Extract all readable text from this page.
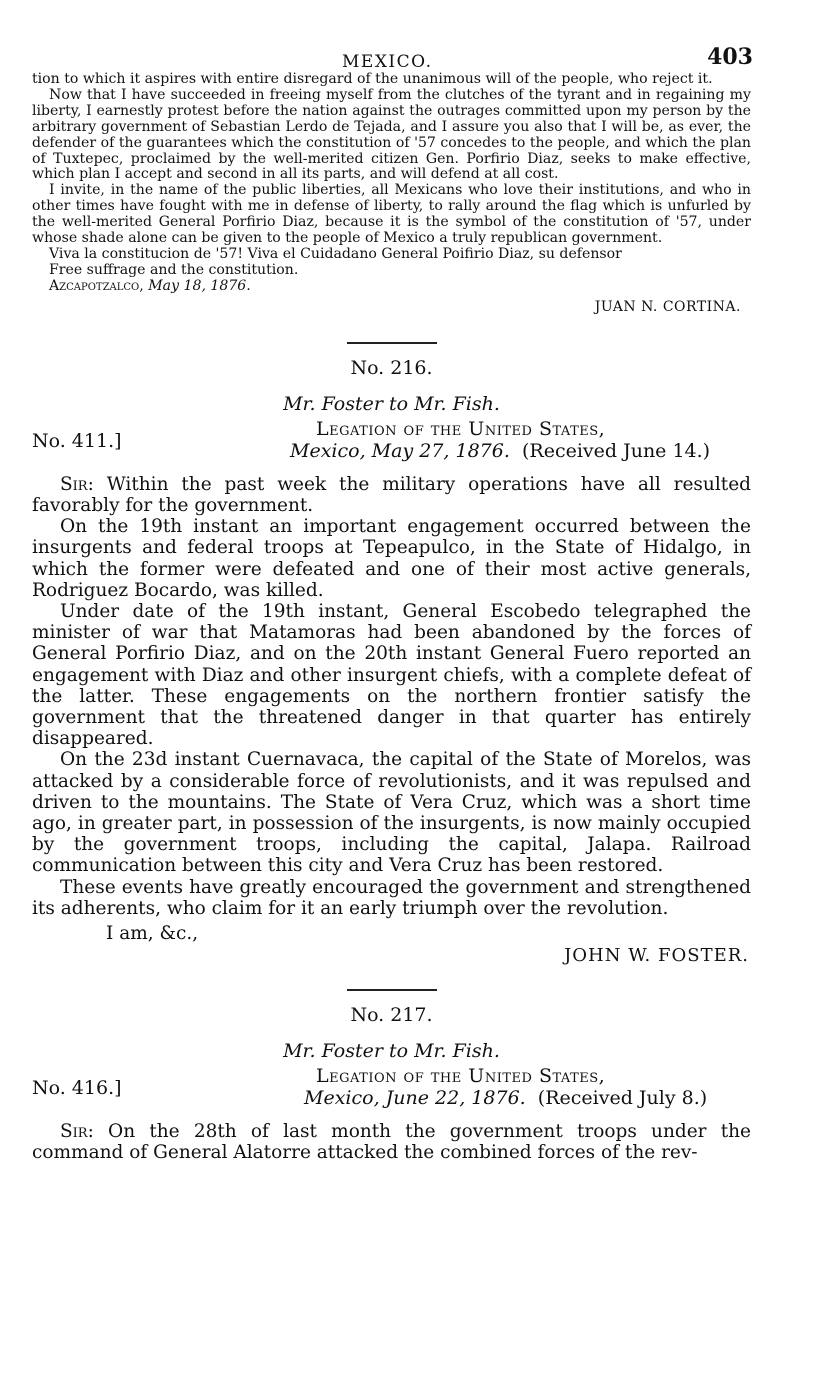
MEXICO.	403

tion to which it aspires with entire disregard of the unanimous will of the people, who reject it.

Now that I have succeeded in freeing myself from the clutches of the tyrant and in regaining my liberty, I earnestly protest before the nation against the outrages committed upon my person by the arbitrary government of Sebastian Lerdo de Tejada, and I assure you also that I will be, as ever, the defender of the guarantees which the constitution of '57 concedes to the people, and which the plan of Tuxtepec, proclaimed by the well-merited citizen Gen. Porfirio Diaz, seeks to make effective, which plan I accept and second in all its parts, and will defend at all cost.

I invite, in the name of the public liberties, all Mexicans who love their institutions, and who in other times have fought with me in defense of liberty, to rally around the flag which is unfurled by the well-merited General Porfirio Diaz, because it is the symbol of the constitution of '57, under whose shade alone can be given to the people of Mexico a truly republican government.

Viva la constitucion de '57! Viva el Cuidadano General Poifirio Diaz, su defensor

Free suffrage and the constitution.

Azcapotzalco, May 18, 1876.

JUAN N. CORTINA.
No. 216.
Mr. Foster to Mr. Fish.
No. 411.]
Legation of the United States,
Mexico, May 27, 1876. (Received June 14.)

Sir: Within the past week the military operations have all resulted favorably for the government.

On the 19th instant an important engagement occurred between the insurgents and federal troops at Tepeapulco, in the State of Hidalgo, in which the former were defeated and one of their most active generals, Rodriguez Bocardo, was killed.

Under date of the 19th instant, General Escobedo telegraphed the minister of war that Matamoras had been abandoned by the forces of General Porfirio Diaz, and on the 20th instant General Fuero reported an engagement with Diaz and other insurgent chiefs, with a complete defeat of the latter. These engagements on the northern frontier satisfy the government that the threatened danger in that quarter has entirely disappeared.

On the 23d instant Cuernavaca, the capital of the State of Morelos, was attacked by a considerable force of revolutionists, and it was repulsed and driven to the mountains. The State of Vera Cruz, which was a short time ago, in greater part, in possession of the insurgents, is now mainly occupied by the government troops, including the capital, Jalapa. Railroad communication between this city and Vera Cruz has been restored.

These events have greatly encouraged the government and strengthened its adherents, who claim for it an early triumph over the revolution.

I am, &c.,
JOHN W. FOSTER.
No. 217.
Mr. Foster to Mr. Fish.
No. 416.]
Legation of the United States,
Mexico, June 22, 1876. (Received July 8.)

Sir: On the 28th of last month the government troops under the command of General Alatorre attacked the combined forces of the rev-
